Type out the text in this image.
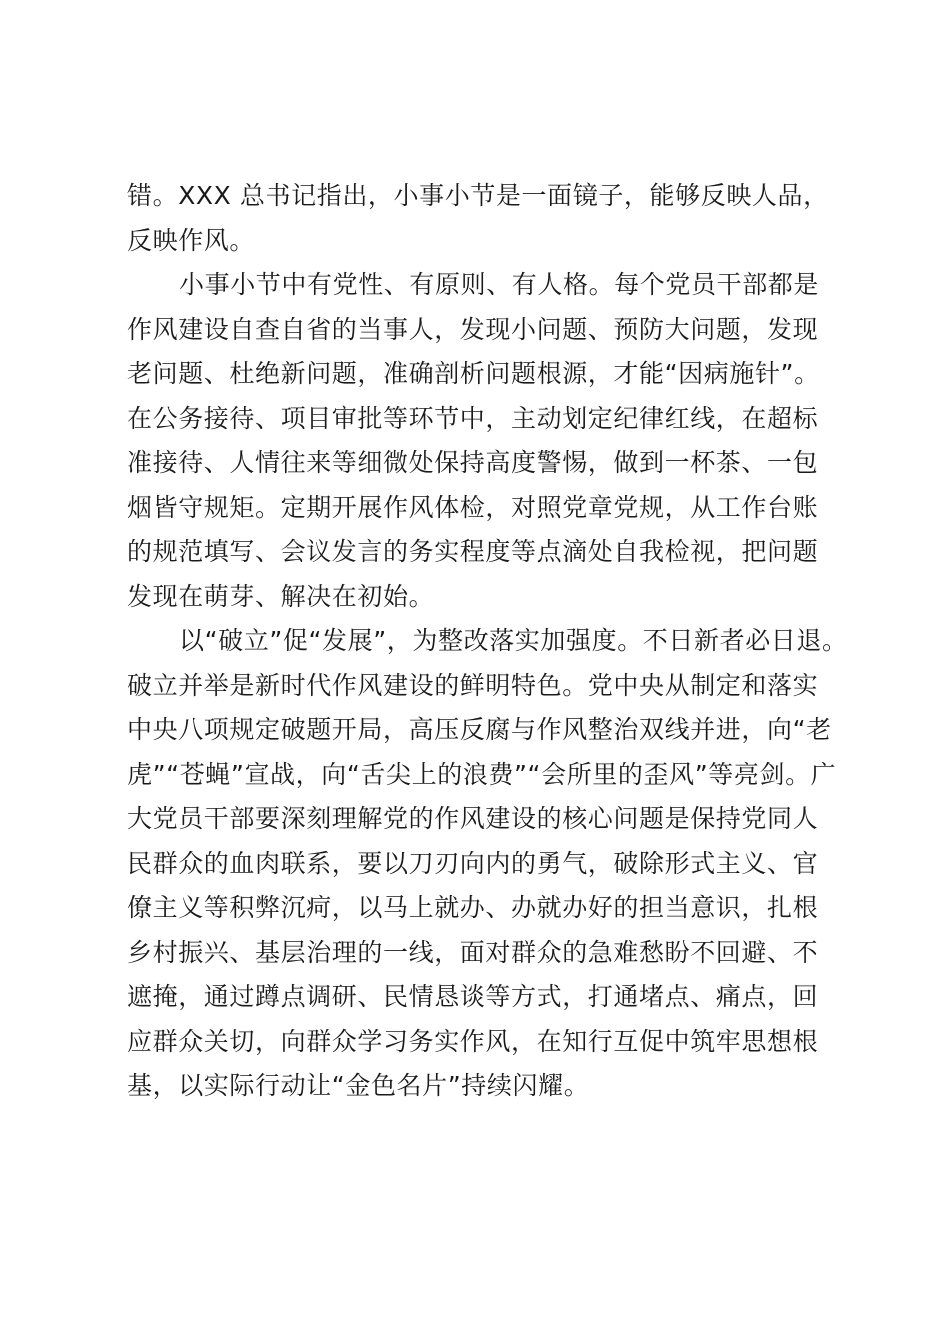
错。XXX 总书记指出，小事小节是一面镜子，能够反映人品，
反映作风。
小事小节中有党性、有原则、有人格。每个党员干部都是
作风建设自查自省的当事人，发现小问题、预防大问题，发现
老问题、杜绝新问题，准确剖析问题根源，才能“因病施针”。
在公务接待、项目审批等环节中，主动划定纪律红线，在超标
准接待、人情往来等细微处保持高度警惕，做到一杯茶、一包
烟皆守规矩。定期开展作风体检，对照党章党规，从工作台账
的规范填写、会议发言的务实程度等点滴处自我检视，把问题
发现在萌芽、解决在初始。
以“破立”促“发展”，为整改落实加强度。不日新者必日退。
破立并举是新时代作风建设的鲜明特色。党中央从制定和落实
中央八项规定破题开局，高压反腐与作风整治双线并进，向“老
虎”“苍蝇”宣战，向“舌尖上的浪费”“会所里的歪风”等亮剑。广
大党员干部要深刻理解党的作风建设的核心问题是保持党同人
民群众的血肉联系，要以刀刃向内的勇气，破除形式主义、官
僚主义等积弊沉疴，以马上就办、办就办好的担当意识，扎根
乡村振兴、基层治理的一线，面对群众的急难愁盼不回避、不
遮掩，通过蹲点调研、民情恳谈等方式，打通堵点、痛点，回
应群众关切，向群众学习务实作风，在知行互促中筑牢思想根
基，以实际行动让“金色名片”持续闪耀。
